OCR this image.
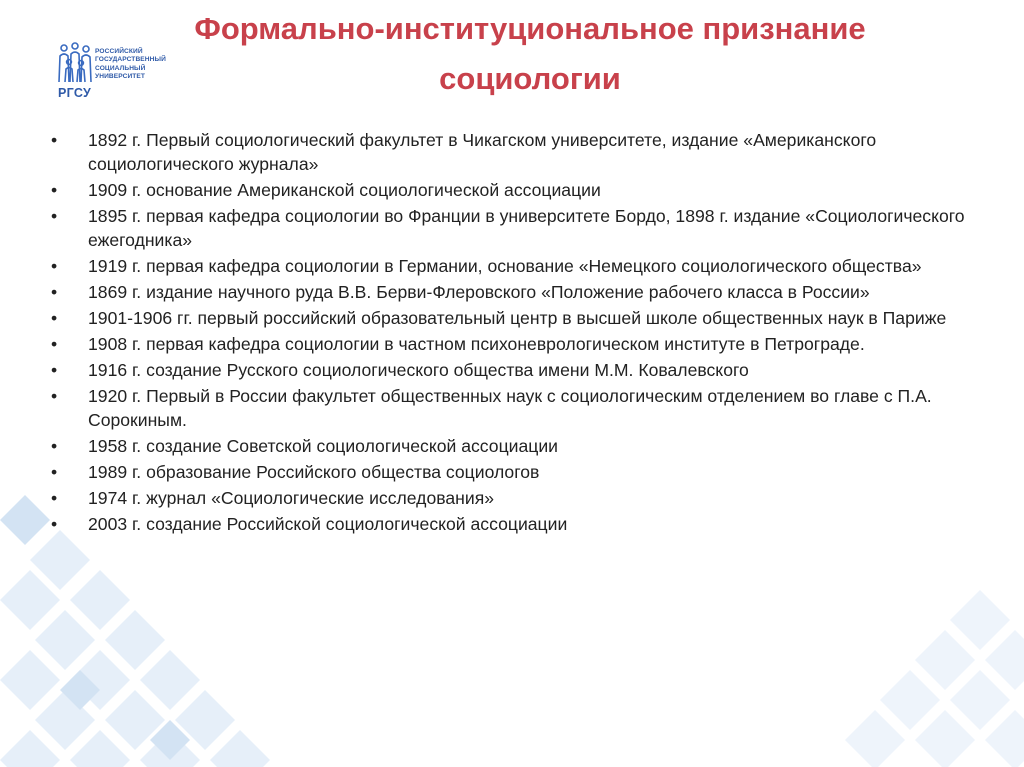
РОССИЙСКИЙ
ГОСУДАРСТВЕННЫЙ
СОЦИАЛЬНЫЙ
УНИВЕРСИТЕТ
РГСУ
Формально-институциональное признание
социологии
•	1892 г. Первый социологический факультет в Чикагском университете, издание «Американского социологического журнала»
•	1909 г. основание Американской социологической ассоциации
•	1895 г. первая кафедра социологии во Франции в университете Бордо, 1898 г. издание «Социологического ежегодника»
•	1919 г. первая кафедра социологии в Германии, основание «Немецкого социологического общества»
•	1869 г. издание научного руда В.В. Берви-Флеровского «Положение рабочего класса в России»
•	1901-1906 гг. первый российский образовательный центр в высшей школе общественных наук в Париже
•	1908 г. первая кафедра социологии в частном психоневрологическом институте в Петрограде.
•	1916 г. создание Русского социологического общества имени М.М. Ковалевского
•	1920 г. Первый в России факультет общественных наук с социологическим отделением во главе с П.А. Сорокиным.
•	1958 г. создание Советской социологической ассоциации
•	1989 г. образование Российского общества социологов
•	1974 г. журнал «Социологические исследования»
•	2003 г. создание Российской социологической ассоциации
